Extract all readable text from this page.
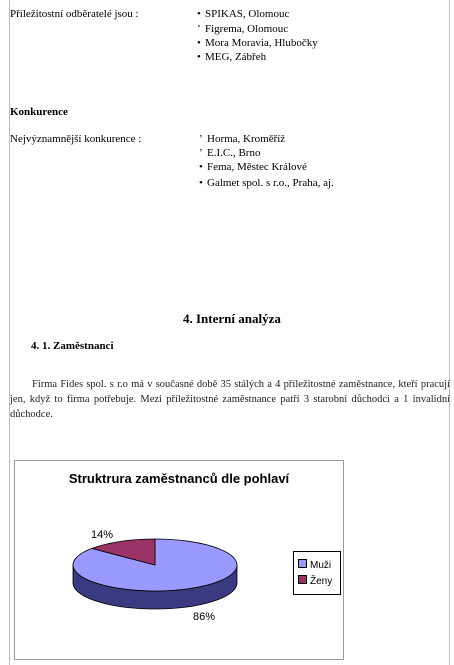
Příležitostní odběratelé jsou :	• SPIKAS, Olomouc
ʼ Figrema, Olomouc
• Mora Moravia, Hlubočky
• MEG, Zábřeh
Konkurence
Nejvýznamnější konkurence :	ʼ Horma, Kroměříž
ʼ E.I.C., Brno
• Fema, Městec Králové
• Galmet spol. s r.o., Praha, aj.
4. Interní analýza
4. 1. Zaměstnanci

Firma Fides spol. s r.o má v současné době 35 stálých a 4 příležitostné zaměstnance, kteří pracují jen, když to firma potřebuje. Mezi příležitostné zaměstnance patří 3 starobní důchodci a 1 invalidní důchodce.

Struktrura zaměstnanců dle pohlaví
14%
86%
Muži
Ženy
